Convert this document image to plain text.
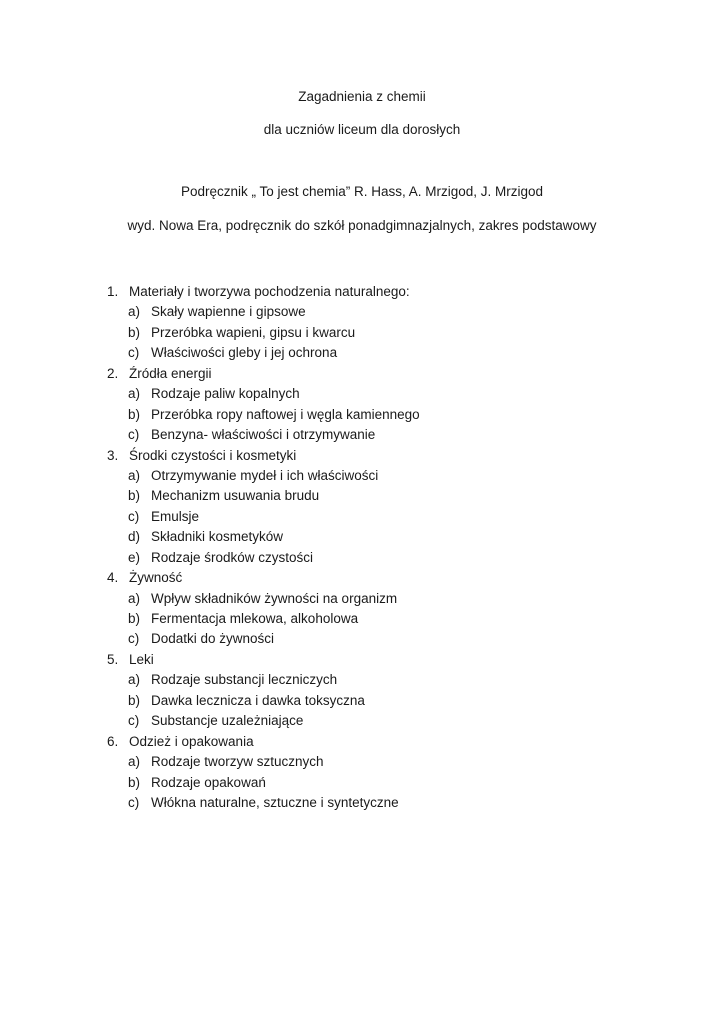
Zagadnienia z chemii
dla uczniów liceum dla dorosłych
Podręcznik „ To jest chemia” R. Hass, A. Mrzigod, J. Mrzigod
wyd. Nowa Era, podręcznik do szkół ponadgimnazjalnych, zakres podstawowy
1. Materiały i tworzywa pochodzenia naturalnego:
a) Skały wapienne i gipsowe
b) Przeróbka wapieni, gipsu i kwarcu
c) Właściwości gleby i jej ochrona
2. Źródła energii
a) Rodzaje paliw kopalnych
b) Przeróbka ropy naftowej i węgla kamiennego
c) Benzyna- właściwości i otrzymywanie
3. Środki czystości i kosmetyki
a) Otrzymywanie mydeł i ich właściwości
b) Mechanizm usuwania brudu
c) Emulsje
d) Składniki kosmetyków
e) Rodzaje środków czystości
4. Żywność
a) Wpływ składników żywności na organizm
b) Fermentacja mlekowa, alkoholowa
c) Dodatki do żywności
5. Leki
a) Rodzaje substancji leczniczych
b) Dawka lecznicza i dawka toksyczna
c) Substancje uzależniające
6. Odzież i opakowania
a) Rodzaje tworzyw sztucznych
b) Rodzaje opakowań
c) Włókna naturalne, sztuczne i syntetyczne
